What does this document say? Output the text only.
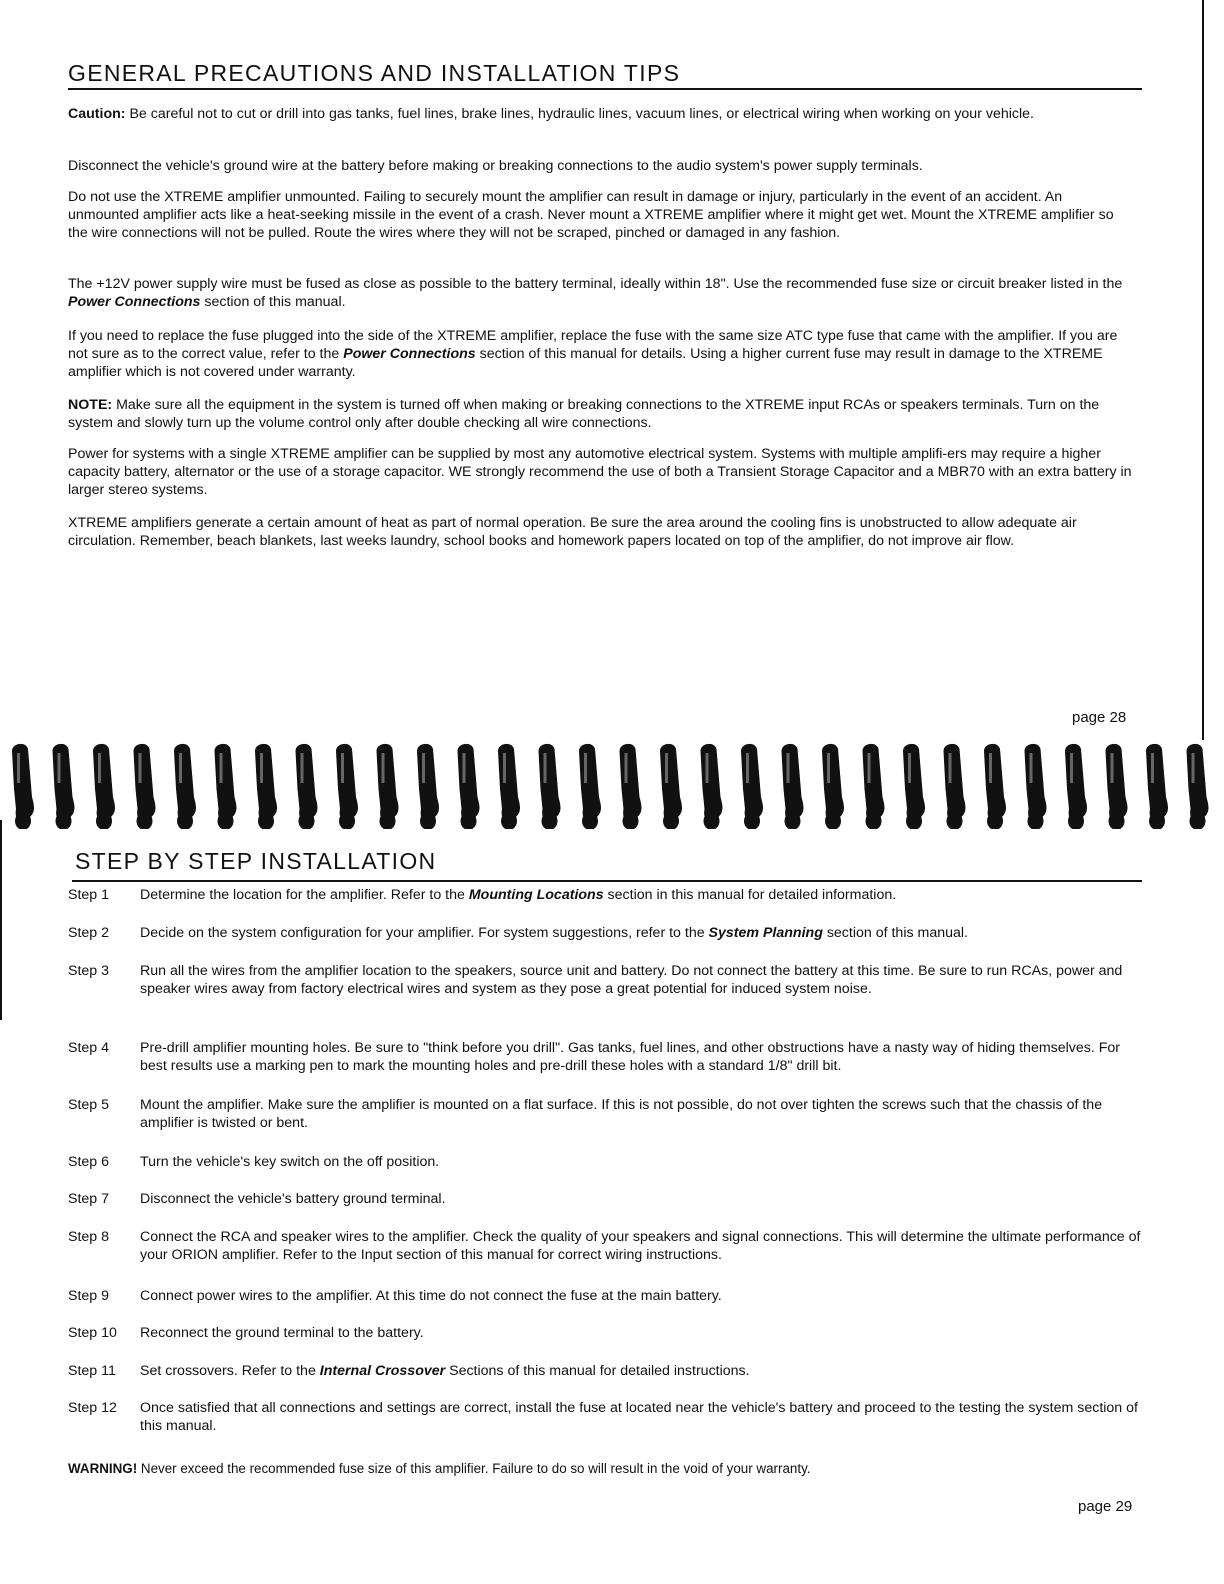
GENERAL PRECAUTIONS AND INSTALLATION TIPS

Caution: Be careful not to cut or drill into gas tanks, fuel lines, brake lines, hydraulic lines, vacuum lines, or electrical wiring when working on your vehicle.

Disconnect the vehicle's ground wire at the battery before making or breaking connections to the audio system's power supply terminals.

Do not use the XTREME amplifier unmounted. Failing to securely mount the amplifier can result in damage or injury, particularly in the event of an accident. An unmounted amplifier acts like a heat-seeking missile in the event of a crash. Never mount a XTREME amplifier where it might get wet. Mount the XTREME amplifier so the wire connections will not be pulled. Route the wires where they will not be scraped, pinched or damaged in any fashion.

The +12V power supply wire must be fused as close as possible to the battery terminal, ideally within 18". Use the recommended fuse size or circuit breaker listed in the Power Connections section of this manual.

If you need to replace the fuse plugged into the side of the XTREME amplifier, replace the fuse with the same size ATC type fuse that came with the amplifier. If you are not sure as to the correct value, refer to the Power Connections section of this manual for details. Using a higher current fuse may result in damage to the XTREME amplifier which is not covered under warranty.

NOTE: Make sure all the equipment in the system is turned off when making or breaking connections to the XTREME input RCAs or speakers terminals. Turn on the system and slowly turn up the volume control only after double checking all wire connections.

Power for systems with a single XTREME amplifier can be supplied by most any automotive electrical system. Systems with multiple amplifi-ers may require a higher capacity battery, alternator or the use of a storage capacitor. WE strongly recommend the use of both a Transient Storage Capacitor and a MBR70 with an extra battery in larger stereo systems.

XTREME amplifiers generate a certain amount of heat as part of normal operation. Be sure the area around the cooling fins is unobstructed to allow adequate air circulation. Remember, beach blankets, last weeks laundry, school books and homework papers located on top of the amplifier, do not improve air flow.

page 28
STEP BY STEP INSTALLATION
Step 1	Determine the location for the amplifier. Refer to the Mounting Locations section in this manual for detailed information.
Step 2	Decide on the system configuration for your amplifier. For system suggestions, refer to the System Planning section of this manual.
Step 3	Run all the wires from the amplifier location to the speakers, source unit and battery. Do not connect the battery at this time. Be sure to run RCAs, power and speaker wires away from factory electrical wires and system as they pose a great potential for induced system noise.
Step 4	Pre-drill amplifier mounting holes. Be sure to "think before you drill". Gas tanks, fuel lines, and other obstructions have a nasty way of hiding themselves. For best results use a marking pen to mark the mounting holes and pre-drill these holes with a standard 1/8" drill bit.
Step 5	Mount the amplifier. Make sure the amplifier is mounted on a flat surface. If this is not possible, do not over tighten the screws such that the chassis of the amplifier is twisted or bent.
Step 6	Turn the vehicle's key switch on the off position.
Step 7	Disconnect the vehicle's battery ground terminal.
Step 8	Connect the RCA and speaker wires to the amplifier. Check the quality of your speakers and signal connections. This will determine the ultimate performance of your ORION amplifier. Refer to the Input section of this manual for correct wiring instructions.
Step 9	Connect power wires to the amplifier. At this time do not connect the fuse at the main battery.
Step 10	Reconnect the ground terminal to the battery.
Step 11	Set crossovers. Refer to the Internal Crossover Sections of this manual for detailed instructions.
Step 12	Once satisfied that all connections and settings are correct, install the fuse at located near the vehicle's battery and proceed to the testing the system section of this manual.
WARNING! Never exceed the recommended fuse size of this amplifier. Failure to do so will result in the void of your warranty.
page 29
